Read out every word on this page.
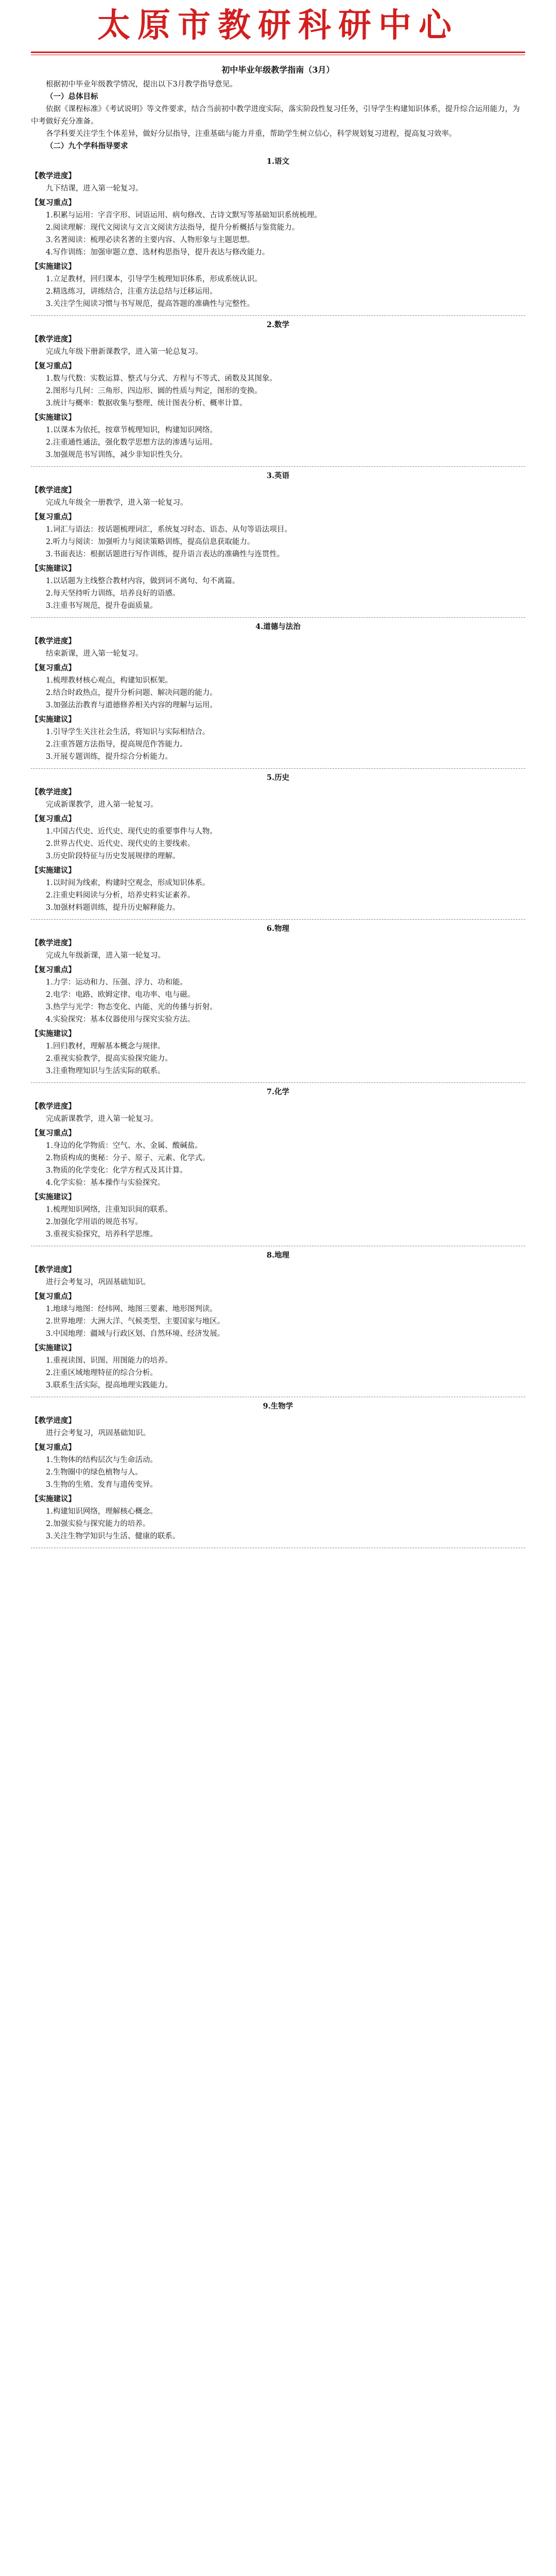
太原市教研科研中心
初中毕业年级教学指南（3月）

根据初中毕业年级教学情况，提出以下3月教学指导意见。

（一）总体目标

依据《课程标准》《考试说明》等文件要求，结合当前初中教学进度实际，落实阶段性复习任务，引导学生构建知识体系，提升综合运用能力，为中考做好充分准备。

各学科要关注学生个体差异，做好分层指导，注重基础与能力并重，帮助学生树立信心，科学规划复习进程，提高复习效率。

（二）九个学科指导要求

1.语文

【教学进度】

九下结课，进入第一轮复习。

【复习重点】

1.积累与运用：字音字形、词语运用、病句修改、古诗文默写等基础知识系统梳理。

2.阅读理解：现代文阅读与文言文阅读方法指导，提升分析概括与鉴赏能力。

3.名著阅读：梳理必读名著的主要内容、人物形象与主题思想。

4.写作训练：加强审题立意、选材构思指导，提升表达与修改能力。

【实施建议】

1.立足教材，回归课本，引导学生梳理知识体系，形成系统认识。

2.精选练习，讲练结合，注重方法总结与迁移运用。

3.关注学生阅读习惯与书写规范，提高答题的准确性与完整性。

2.数学

【教学进度】

完成九年级下册新课教学，进入第一轮总复习。

【复习重点】

1.数与代数：实数运算、整式与分式、方程与不等式、函数及其图象。

2.图形与几何：三角形、四边形、圆的性质与判定，图形的变换。

3.统计与概率：数据收集与整理、统计图表分析、概率计算。

【实施建议】

1.以课本为依托，按章节梳理知识，构建知识网络。

2.注重通性通法，强化数学思想方法的渗透与运用。

3.加强规范书写训练，减少非知识性失分。

3.英语

【教学进度】

完成九年级全一册教学，进入第一轮复习。

【复习重点】

1.词汇与语法：按话题梳理词汇，系统复习时态、语态、从句等语法项目。

2.听力与阅读：加强听力与阅读策略训练，提高信息获取能力。

3.书面表达：根据话题进行写作训练，提升语言表达的准确性与连贯性。

【实施建议】

1.以话题为主线整合教材内容，做到词不离句、句不离篇。

2.每天坚持听力训练，培养良好的语感。

3.注重书写规范，提升卷面质量。

4.道德与法治

【教学进度】

结束新课，进入第一轮复习。

【复习重点】

1.梳理教材核心观点，构建知识框架。

2.结合时政热点，提升分析问题、解决问题的能力。

3.加强法治教育与道德修养相关内容的理解与运用。

【实施建议】

1.引导学生关注社会生活，将知识与实际相结合。

2.注重答题方法指导，提高规范作答能力。

3.开展专题训练，提升综合分析能力。

5.历史

【教学进度】

完成新课教学，进入第一轮复习。

【复习重点】

1.中国古代史、近代史、现代史的重要事件与人物。

2.世界古代史、近代史、现代史的主要线索。

3.历史阶段特征与历史发展规律的理解。

【实施建议】

1.以时间为线索，构建时空观念，形成知识体系。

2.注重史料阅读与分析，培养史料实证素养。

3.加强材料题训练，提升历史解释能力。

6.物理

【教学进度】

完成九年级新课，进入第一轮复习。

【复习重点】

1.力学：运动和力、压强、浮力、功和能。

2.电学：电路、欧姆定律、电功率、电与磁。

3.热学与光学：物态变化、内能、光的传播与折射。

4.实验探究：基本仪器使用与探究实验方法。

【实施建议】

1.回归教材，理解基本概念与规律。

2.重视实验教学，提高实验探究能力。

3.注重物理知识与生活实际的联系。

7.化学

【教学进度】

完成新课教学，进入第一轮复习。

【复习重点】

1.身边的化学物质：空气、水、金属、酸碱盐。

2.物质构成的奥秘：分子、原子、元素、化学式。

3.物质的化学变化：化学方程式及其计算。

4.化学实验：基本操作与实验探究。

【实施建议】

1.梳理知识网络，注重知识间的联系。

2.加强化学用语的规范书写。

3.重视实验探究，培养科学思维。

8.地理

【教学进度】

进行会考复习，巩固基础知识。

【复习重点】

1.地球与地图：经纬网、地图三要素、地形图判读。

2.世界地理：大洲大洋、气候类型、主要国家与地区。

3.中国地理：疆域与行政区划、自然环境、经济发展。

【实施建议】

1.重视读图、识图、用图能力的培养。

2.注重区域地理特征的综合分析。

3.联系生活实际，提高地理实践能力。

9.生物学

【教学进度】

进行会考复习，巩固基础知识。

【复习重点】

1.生物体的结构层次与生命活动。

2.生物圈中的绿色植物与人。

3.生物的生殖、发育与遗传变异。

【实施建议】

1.构建知识网络，理解核心概念。

2.加强实验与探究能力的培养。

3.关注生物学知识与生活、健康的联系。
